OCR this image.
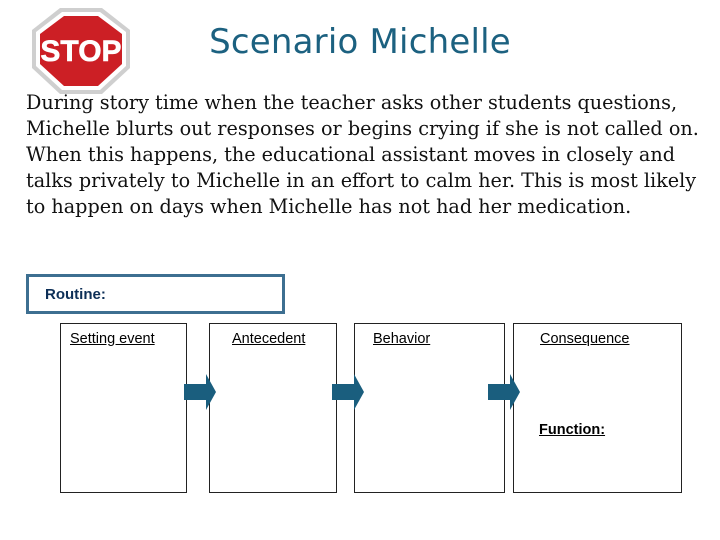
STOP	Scenario Michelle

During story time when the teacher asks other students questions, Michelle blurts out responses or begins crying if she is not called on. When this happens, the educational assistant moves in closely and talks privately to Michelle in an effort to calm her. This is most likely to happen on days when Michelle has not had her medication.

Routine:
Setting event	Antecedent	Behavior	Consequence
Function:
